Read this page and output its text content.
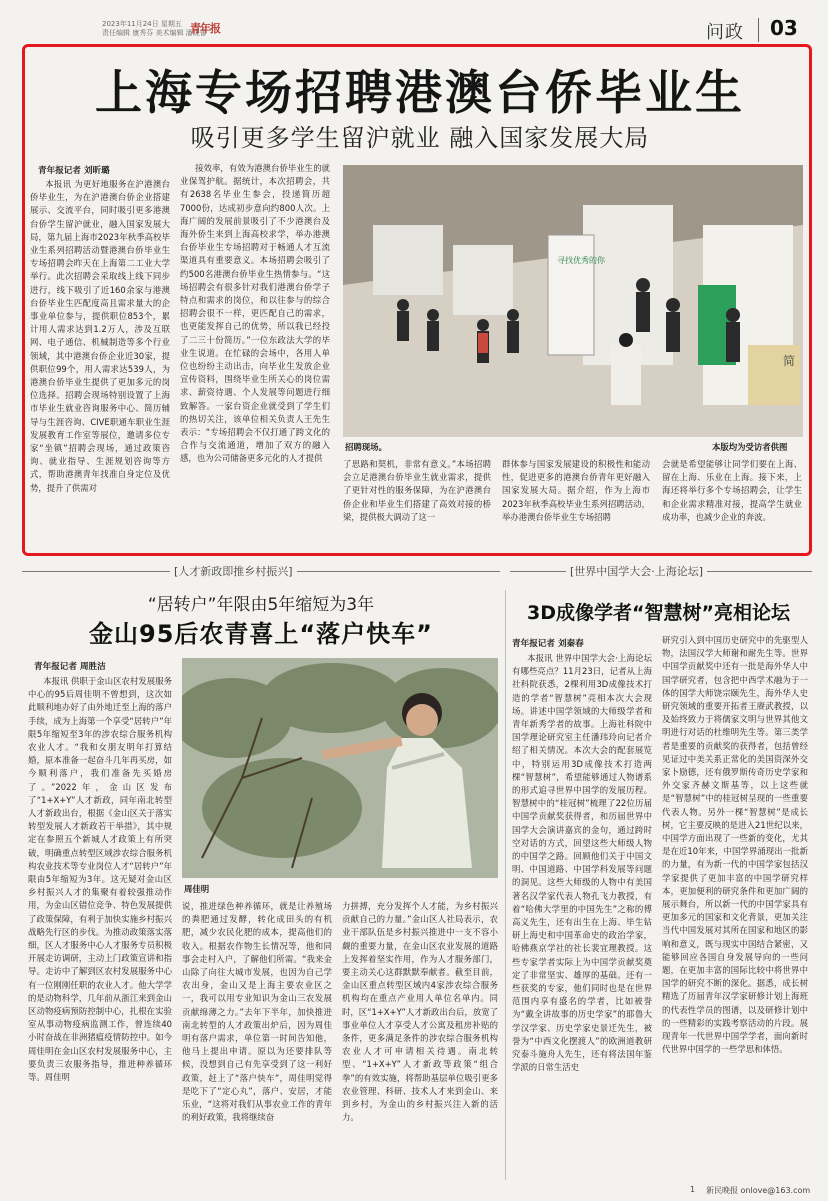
2023年11月24日 星期五
责任编辑 康秀芬 美术编辑 潘晓蕾
青年报	问政 03
上海专场招聘港澳台侨毕业生
吸引更多学生留沪就业 融入国家发展大局
青年报记者 刘昕璐

本报讯 为更好地服务在沪港澳台侨毕业生，为在沪港澳台侨企业搭建展示、交流平台，同时吸引更多港澳台侨学生留沪就业，融入国家发展大局，第九届上海市2023年秋季高校毕业生系列招聘活动暨港澳台侨毕业生专场招聘会昨天在上海第二工业大学举行。此次招聘会采取线上线下同步进行，线下吸引了近160余家与港澳台侨毕业生匹配度高且需求量大的企事业单位参与，提供职位853个，累计用人需求达到1.2万人，涉及互联网、电子通信、机械制造等多个行业领域，其中港澳台侨企业近30家，提供职位99个，用人需求达539人，为港澳台侨毕业生提供了更加多元的岗位选择。招聘会现场特别设置了上海市毕业生就业咨询服务中心、简历辅导与生涯咨询、CIVE职通车职业生涯发展教育工作室等展位，邀请多位专家“坐镇”招聘会现场，通过政策咨询、就业指导、生涯规划咨询等方式，帮助港澳青年找准自身定位及优势，提升了供需对

接效率，有效为港澳台侨毕业生的就业保驾护航。据统计，本次招聘会，共有2638名毕业生参会，投递简历超7000份，达成初步意向约800人次。上海广阔的发展前景吸引了不少港澳台及海外侨生来到上海高校求学，举办港澳台侨毕业生专场招聘对于畅通人才互流渠道具有重要意义。本场招聘会吸引了约500名港澳台侨毕业生热情参与。“这场招聘会有很多针对我们港澳台侨学子特点和需求的岗位，和以往参与的综合招聘会很不一样，更匹配自己的需求，也更能发挥自己的优势，所以我已经投了二三十份简历。”一位东政法大学的毕业生说道。在忙碌的会场中，各用人单位也纷纷主动出击，向毕业生发放企业宣传资料，围绕毕业生所关心的岗位需求、薪资待遇、个人发展等问题进行细致解答。一家台资企业就受到了学生们的热切关注，该单位相关负责人王先生表示：“专场招聘会不仅打通了跨文化的合作与交流通道，增加了双方的融入感，也为公司储备更多元化的人才提供

寻找优秀的你
简
招聘现场。	本版均为受访者供图

了思路和契机，非常有意义。”本场招聘会立足港澳台侨毕业生就业需求，提供了更针对性的服务保障，为在沪港澳台侨企业和毕业生们搭建了高效对接的桥梁，提供极大调动了这一

群体参与国家发展建设的积极性和能动性，促进更多的港澳台侨青年更好融入国家发展大局。据介绍，作为上海市2023年秋季高校毕业生系列招聘活动，举办港澳台侨毕业生专场招聘

会就是希望能够让同学们要在上海、留在上海、乐业在上海。接下来，上海还将举行多个专场招聘会，让学生和企业需求精准对接，提高学生就业成功率，也减少企业的奔波。

[人才新政即推乡村振兴]	[世界中国学大会·上海论坛]
“居转户”年限由5年缩短为3年
金山95后农青喜上“落户快车”
青年报记者 周胜洁

本报讯 供职于金山区农村发展服务中心的95后周佳明不曾想到，这次如此顺利地办好了由外地迁至上海的落户手续，成为上海第一个享受“居转户”年限5年缩短至3年的涉农综合服务机构农业人才。“我和女朋友明年打算结婚，原本准备一起奋斗几年再买房，如今顺利落户，我们准备先买婚房了。”2022年，金山区发布了“1+X+Y”人才新政，同年南北转型人才新政出台，根据《金山区关于落实转型发展人才新政若干举措》，其中规定在参照五个新城人才政策上有所突破，明确重点转型区域涉农综合服务机构农业技术等专业岗位人才“居转户”年限由5年缩短为3年。这无疑对金山区乡村振兴人才的集聚有着较强推动作用，为金山区错位竞争、特色发展提供了政策保障，有利于加快实施乡村振兴战略先行区的步伐。为推动政策落实落细，区人才服务中心人才服务专员积极开展走访调研，主动上门政策宣讲和指导。走访中了解到区农村发展服务中心有一位刚刚任职的农业人才。他大学学的是动物科学，几年前从浙江来到金山区动物疫病预防控制中心，扎根在实验室从事动物疫病监测工作，曾连续40小时奋战在非洲猪瘟疫情防控中。如今周佳明在金山区农村发展服务中心，主要负责三农服务指导，推进种养循环等。周佳明

周佳明

说，推进绿色种养循环，就是让养殖场的粪肥通过发酵，转化成田头的有机肥，减少农民化肥的成本，提高他们的收入。根据农作物生长情况等，他和同事会走村入户，了解他们所需。“我来金山除了向往大城市发展，也因为自己学农出身，金山又是上海主要农业区之一，我可以用专业知识为金山三农发展贡献绵薄之力。”去年下半年，加快推进南北转型的人才政策出炉后，因为周佳明有落户需求，单位第一时间告知他，他马上提出申请。原以为还要排队等候，没想到自己有先享受到了这一利好政策，赶上了“落户快车”，周佳明觉得是吃下了“定心丸”，落户、安居，才能乐业，“这将对我们从事农业工作的青年的利好政策，我将继续奋

力拼搏，充分发挥个人才能，为乡村振兴贡献自己的力量。”金山区人社局表示，农业干部队伍是乡村振兴推进中一支不容小觑的重要力量，在金山区农业发展的道路上发挥着坚实作用，作为人才服务部门，要主动关心这群默默奉献者。截至目前，金山区重点转型区域内4家涉农综合服务机构均在重点产业用人单位名单内。同时，区“1+X+Y”人才新政出台后，放宽了事业单位人才享受人才公寓及租房补贴的条件，更多满足条件的涉农综合服务机构农业人才可申请相关待遇。南北转型、“1+X+Y”人才新政等政策“组合拳”的有效实施，将帮助基层单位吸引更多农业管理、科研、技术人才来到金山、来到乡村，为金山的乡村振兴注入新的活力。

3D成像学者“智慧树”亮相论坛
青年报记者 刘秦春

本报讯 世界中国学大会·上海论坛有哪些亮点？11月23日，记者从上海社科院获悉，2棵利用3D成像技术打造的学者“智慧树”亮相本次大会现场。讲述中国学领域的大师级学者和青年新秀学者的故事。上海社科院中国学理论研究室主任潘玮玲向记者介绍了相关情况。本次大会的配套展览中，特别运用3D成像技术打造两棵“智慧树”，希望能够通过人物谱系的形式追寻世界中国学的发展历程。智慧树中的“桂冠树”梳理了22位历届中国学贡献奖获得者，和历届世界中国学大会演讲嘉宾的金句，通过跨时空对话的方式，回望这些大师级人物的中国学之路。回顾他们关于中国文明、中国道路、中国学科发展等问题的洞见。这些大师级的人物中有美国著名汉学家代表人物孔飞力教授，有着“哈佛大学里的中国先生”之称的傅高义先生，还有出生在上海、毕生钻研上海史和中国革命史的政治学家，哈佛燕京学社的社长裴宜理教授。这些专家学者实际上为中国学贡献奖奠定了非常坚实、雄厚的基础。还有一些获奖的专家，他们同时也是在世界范围内享有盛名的学者，比如被誉为“戴全讲故事的历史学家”的耶鲁大学汉学家、历史学家史景迁先生，被誉为“中西文化摆渡人”的欧洲道教研究泰斗施舟人先生，还有将法国年鉴学派的日常生活史

研究引入到中国历史研究中的先驱型人物，法国汉学大师谢和耐先生等。世界中国学贡献奖中还有一批是海外华人中国学研究者，包含把中西学术融为于一体的国学大师饶宗颐先生，海外华人史研究领域的重要开拓者王赓武教授，以及始终致力于将儒家文明与世界其他文明进行对话的杜维明先生等。第三类学者是重要的贡献奖的获得者，包括曾经见证过中美关系正常化的美国资深外交家卜励德，还有俄罗斯传奇历史学家和外交家齐赫文斯基等，以上这些就是“智慧树”中的桂冠树呈现的一些重要代表人物。另外一棵“智慧树”是成长树，它主要反映的是进入21世纪以来，中国学方面出现了一些新的变化，尤其是在近10年来，中国学界涌现出一批新的力量，有为新一代的中国学家包括汉学家提供了更加丰富的中国学研究样本，更加便利的研究条件和更加广阔的展示舞台，所以新一代的中国学家具有更加多元的国家和文化背景，更加关注当代中国发展对其所在国家和地区的影响和意义，既与现实中国结合紧密，又能够回应各国自身发展导向的一些问题，在更加丰富的国际比较中将世界中国学的研究不断的深化。据悉，成长树精选了历届青年汉学家研修计划上海班的代表性学员的图谱，以及研修计划中的一些精彩的实践考察活动的片段。展现青年一代世界中国学学者，面向新时代世界中国学的一些学思和体悟。

1 新民晚报 onlove@163.com
